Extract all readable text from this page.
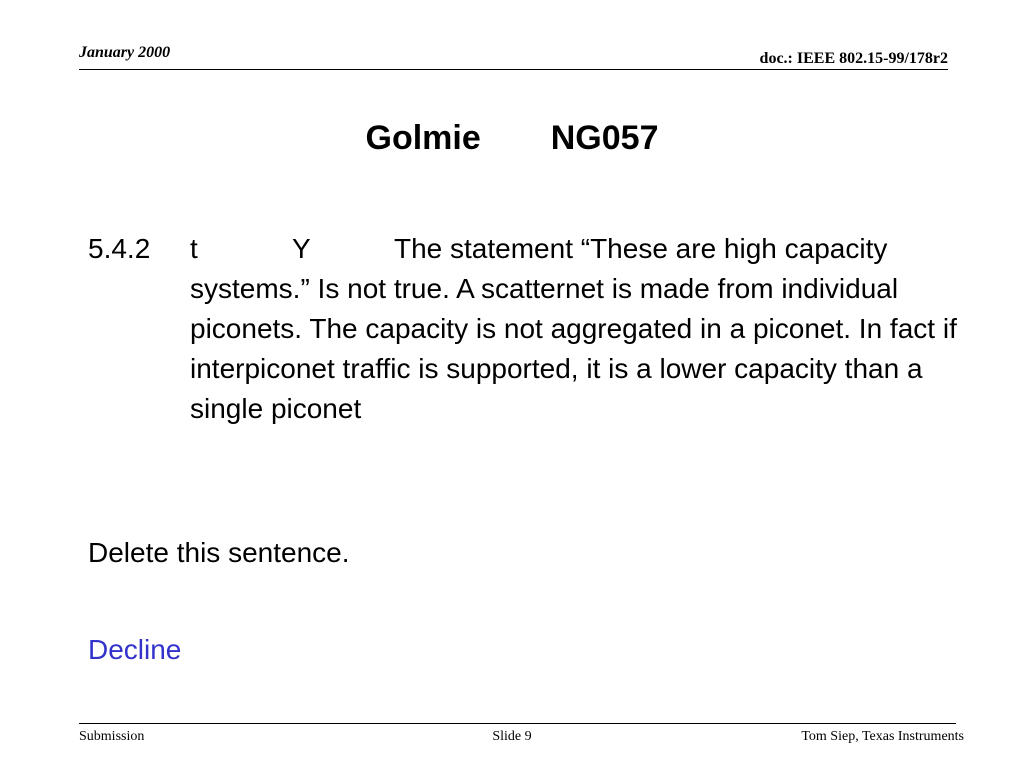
January 2000	doc.: IEEE 802.15-99/178r2
Golmie NG057

5.4.2 t	Y	The statement “These are high capacity systems.” Is not true. A scatternet is made from individual piconets. The capacity is not aggregated in a piconet. In fact if interpiconet traffic is supported, it is a lower capacity than a single piconet

Delete this sentence.
Decline
Submission	Slide 9	Tom Siep, Texas Instruments
